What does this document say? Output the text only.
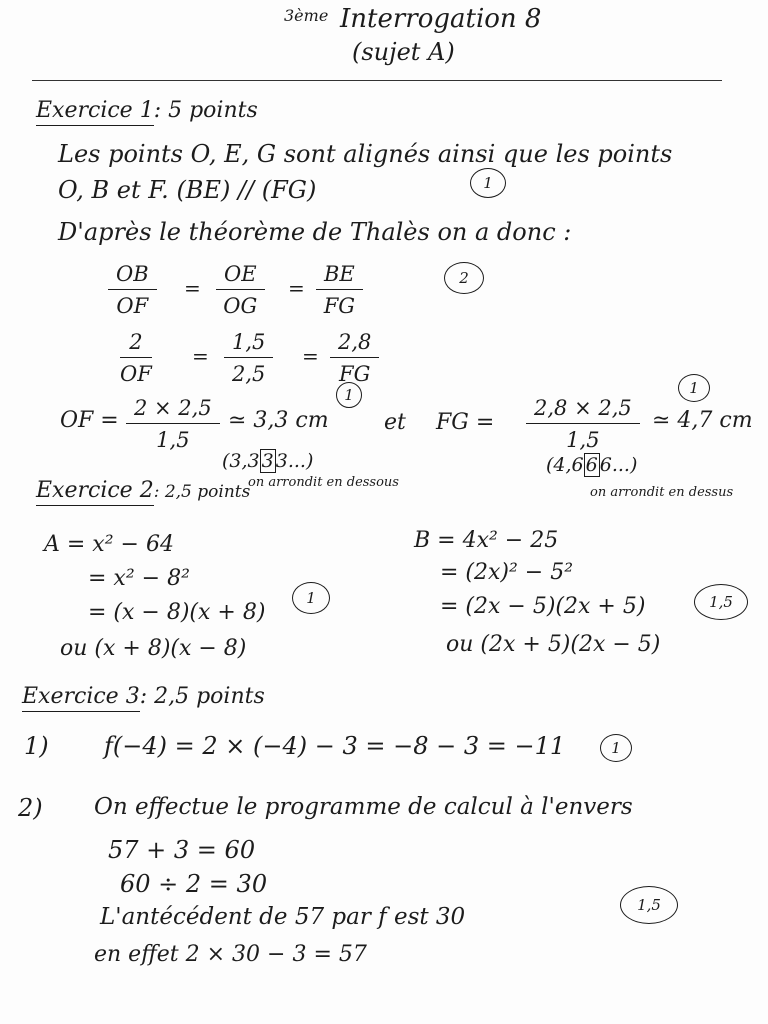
3ème Interrogation 8
(sujet A)
Exercice 1: 5 points
Les points O, E, G sont alignés ainsi que les points
O, B et F. (BE) // (FG)	1
D'après le théorème de Thalès on a donc :
$\frac{OB}{OF} = \frac{OE}{OG} = \frac{BE}{FG}$	2
$\frac{2}{OF} = \frac{1,5}{2,5} = \frac{2,8}{FG}$
1
OF = $\frac{2 \times 2,5}{1,5}$ ≃ 3,3 cm
(3,3 3 3...)
on arrondit en dessous
et FG = $\frac{2,8 \times 2,5}{1,5}$ ≃ 4,7 cm
1
(4,6 6 6...)
on arrondit en dessus
Exercice 2: 2,5 points
A = x² − 64
= x² − 8²
= (x − 8)(x + 8)
ou (x + 8)(x − 8)
1
B = 4x² − 25
= (2x)² − 5²
= (2x − 5)(2x + 5)
ou (2x + 5)(2x − 5)
1,5
Exercice 3: 2,5 points
1) f(−4) = 2 × (−4) − 3 = −8 − 3 = −11	1
2) On effectue le programme de calcul à l'envers
57 + 3 = 60
60 ÷ 2 = 30
L'antécédent de 57 par f est 30
en effet 2 × 30 − 3 = 57
1,5
